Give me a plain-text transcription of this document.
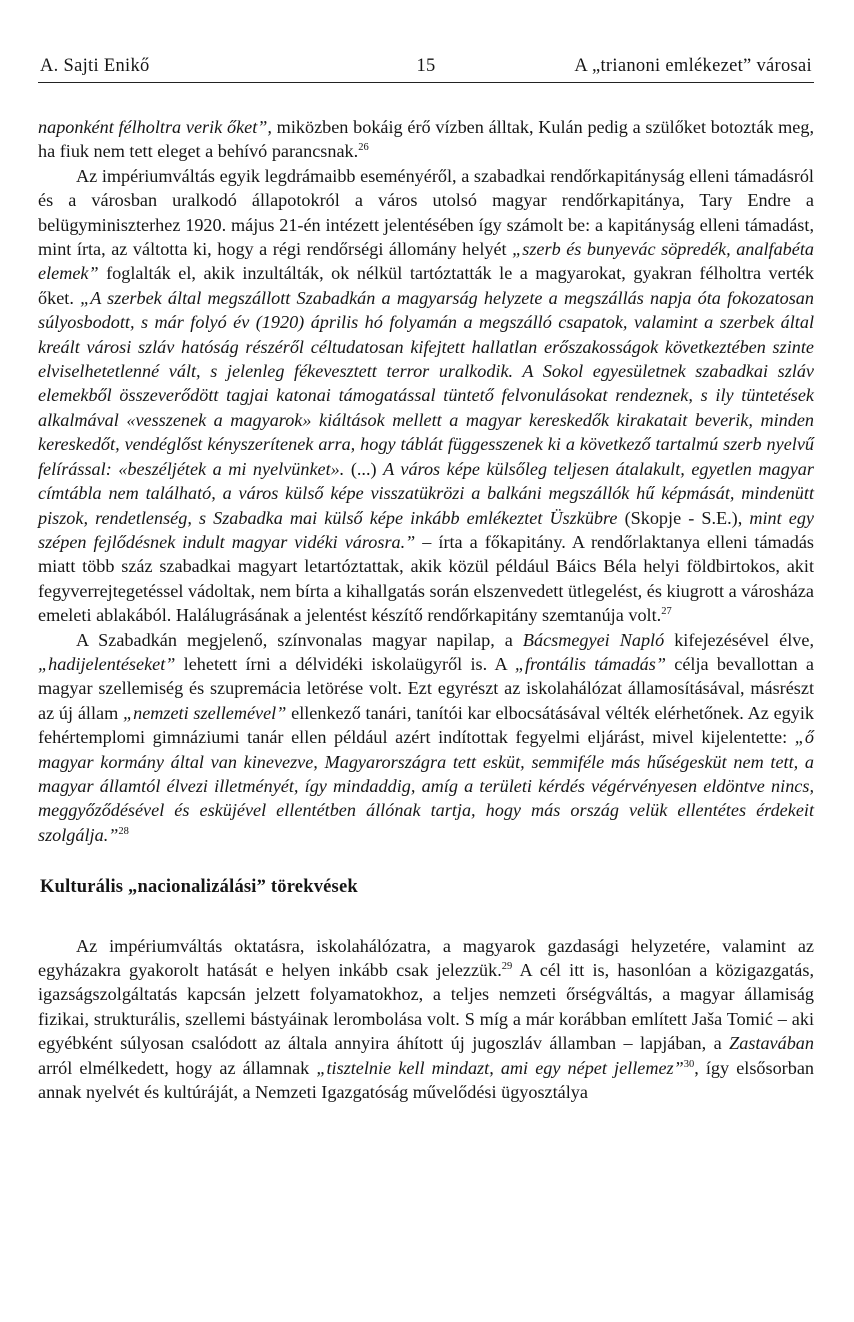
A. Sajti Enikő	15	A „trianoni emlékezet” városai

naponként félholtra verik őket”, miközben bokáig érő vízben álltak, Kulán pedig a szülőket botozták meg, ha fiuk nem tett eleget a behívó parancsnak.$^{26}$

Az impériumváltás egyik legdrámaibb eseményéről, a szabadkai rendőrkapitányság elleni támadásról és a városban uralkodó állapotokról a város utolsó magyar rendőrkapitánya, Tary Endre a belügyminiszterhez 1920. május 21-én intézett jelentésében így számolt be: a kapitányság elleni támadást, mint írta, az váltotta ki, hogy a régi rendőrségi állomány helyét „szerb és bunyevác söpredék, analfabéta elemek” foglalták el, akik inzultálták, ok nélkül tartóztatták le a magyarokat, gyakran félholtra verték őket. „A szerbek által megszállott Szabadkán a magyarság helyzete a megszállás napja óta fokozatosan súlyosbodott, s már folyó év (1920) április hó folyamán a megszálló csapatok, valamint a szerbek által kreált városi szláv hatóság részéről céltudatosan kifejtett hallatlan erőszakosságok következtében szinte elviselhetetlenné vált, s jelenleg fékevesztett terror uralkodik. A Sokol egyesületnek szabadkai szláv elemekből összeverődött tagjai katonai támogatással tüntető felvonulásokat rendeznek, s ily tüntetések alkalmával «vesszenek a magyarok» kiáltások mellett a magyar kereskedők kirakatait beverik, minden kereskedőt, vendéglőst kényszerítenek arra, hogy táblát függesszenek ki a következő tartalmú szerb nyelvű felírással: «beszéljétek a mi nyelvünket». (...) A város képe külsőleg teljesen átalakult, egyetlen magyar címtábla nem található, a város külső képe visszatükrözi a balkáni megszállók hű képmását, mindenütt piszok, rendetlenség, s Szabadka mai külső képe inkább emlékeztet Üszkübre (Skopje - S.E.), mint egy szépen fejlődésnek indult magyar vidéki városra.” – írta a főkapitány. A rendőrlaktanya elleni támadás miatt több száz szabadkai magyart letartóztattak, akik közül például Báics Béla helyi földbirtokos, akit fegyverrejtegetéssel vádoltak, nem bírta a kihallgatás során elszenvedett ütlegelést, és kiugrott a városháza emeleti ablakából. Halálugrásának a jelentést készítő rendőrkapitány szemtanúja volt.$^{27}$

A Szabadkán megjelenő, színvonalas magyar napilap, a Bácsmegyei Napló kifejezésével élve, „hadijelentéseket” lehetett írni a délvidéki iskolaügyről is. A „frontális támadás” célja bevallottan a magyar szellemiség és szupremácia letörése volt. Ezt egyrészt az iskolahálózat államosításával, másrészt az új állam „nemzeti szellemével” ellenkező tanári, tanítói kar elbocsátásával vélték elérhetőnek. Az egyik fehértemplomi gimnáziumi tanár ellen például azért indítottak fegyelmi eljárást, mivel kijelentette: „ő magyar kormány által van kinevezve, Magyarországra tett esküt, semmiféle más hűségesküt nem tett, a magyar államtól élvezi illetményét, így mindaddig, amíg a területi kérdés végérvényesen eldöntve nincs, meggyőződésével és esküjével ellentétben állónak tartja, hogy más ország velük ellentétes érdekeit szolgálja.”$^{28}$

Kulturális „nacionalizálási” törekvések

Az impériumváltás oktatásra, iskolahálózatra, a magyarok gazdasági helyzetére, valamint az egyházakra gyakorolt hatását e helyen inkább csak jelezzük.$^{29}$ A cél itt is, hasonlóan a közigazgatás, igazságszolgáltatás kapcsán jelzett folyamatokhoz, a teljes nemzeti őrségváltás, a magyar államiság fizikai, strukturális, szellemi bástyáinak lerombolása volt. S míg a már korábban említett Jaša Tomić – aki egyébként súlyosan csalódott az általa annyira áhított új jugoszláv államban – lapjában, a Zastavában arról elmélkedett, hogy az államnak „tisztelnie kell mindazt, ami egy népet jellemez”$^{30}$, így elsősorban annak nyelvét és kultúráját, a Nemzeti Igazgatóság művelődési ügyosztálya
